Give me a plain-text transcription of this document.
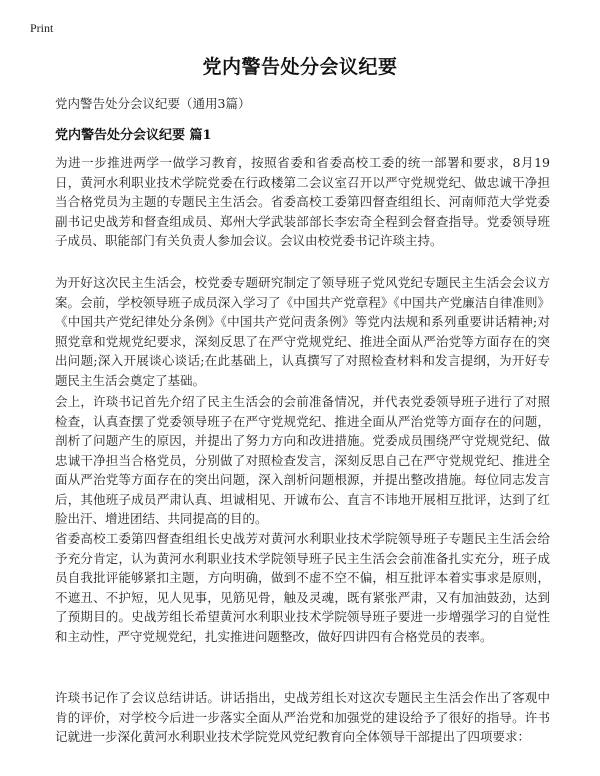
Print
党内警告处分会议纪要
党内警告处分会议纪要（通用3篇）
党内警告处分会议纪要 篇1

为进一步推进两学一做学习教育，按照省委和省委高校工委的统一部署和要求，8月19日，黄河水利职业技术学院党委在行政楼第二会议室召开以严守党规党纪、做忠诚干净担当合格党员为主题的专题民主生活会。省委高校工委第四督查组组长、河南师范大学党委副书记史战芳和督查组成员、郑州大学武装部部长李宏奇全程到会督查指导。党委领导班子成员、职能部门有关负责人参加会议。会议由校党委书记许琰主持。

为开好这次民主生活会，校党委专题研究制定了领导班子党风党纪专题民主生活会会议方案。会前，学校领导班子成员深入学习了《中国共产党章程》《中国共产党廉洁自律准则》《中国共产党纪律处分条例》《中国共产党问责条例》等党内法规和系列重要讲话精神;对照党章和党规党纪要求，深刻反思了在严守党规党纪、推进全面从严治党等方面存在的突出问题;深入开展谈心谈话;在此基础上，认真撰写了对照检查材料和发言提纲，为开好专题民主生活会奠定了基础。

会上，许琰书记首先介绍了民主生活会的会前准备情况，并代表党委领导班子进行了对照检查，认真查摆了党委领导班子在严守党规党纪、推进全面从严治党等方面存在的问题，剖析了问题产生的原因，并提出了努力方向和改进措施。党委成员围绕严守党规党纪、做忠诚干净担当合格党员，分别做了对照检查发言，深刻反思自己在严守党规党纪、推进全面从严治党等方面存在的突出问题，深入剖析问题根源，并提出整改措施。每位同志发言后，其他班子成员严肃认真、坦诚相见、开诚布公、直言不讳地开展相互批评，达到了红脸出汗、增进团结、共同提高的目的。

省委高校工委第四督查组组长史战芳对黄河水利职业技术学院领导班子专题民主生活会给予充分肯定，认为黄河水利职业技术学院领导班子民主生活会会前准备扎实充分，班子成员自我批评能够紧扣主题，方向明确，做到不虚不空不偏，相互批评本着实事求是原则，不遮丑、不护短，见人见事，见筋见骨，触及灵魂，既有紧张严肃，又有加油鼓劲，达到了预期目的。史战芳组长希望黄河水利职业技术学院领导班子要进一步增强学习的自觉性和主动性，严守党规党纪，扎实推进问题整改，做好四讲四有合格党员的表率。

许琰书记作了会议总结讲话。讲话指出，史战芳组长对这次专题民主生活会作出了客观中肯的评价，对学校今后进一步落实全面从严治党和加强党的建设给予了很好的指导。许书记就进一步深化黄河水利职业技术学院党风党纪教育向全体领导干部提出了四项要求：
